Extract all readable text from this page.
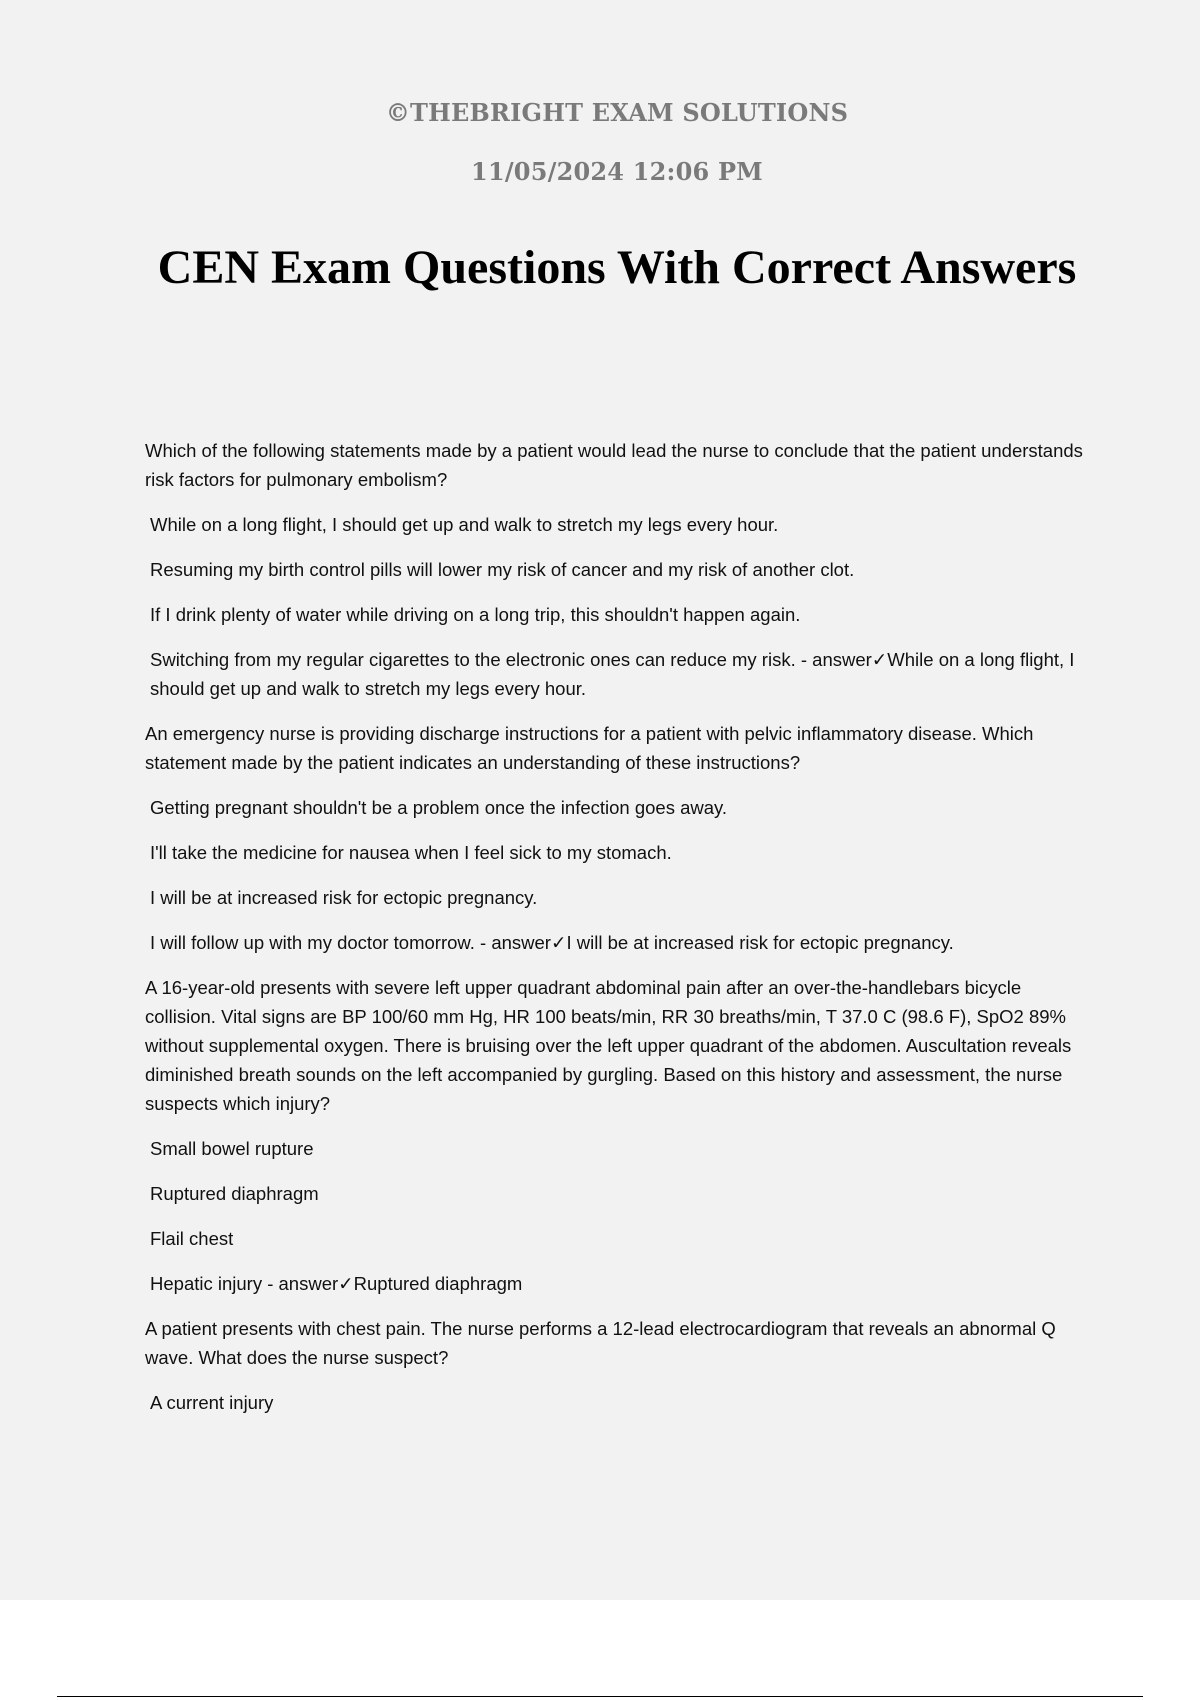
©THEBRIGHT EXAM SOLUTIONS
11/05/2024 12:06 PM
CEN Exam Questions With Correct Answers

Which of the following statements made by a patient would lead the nurse to conclude that the patient understands risk factors for pulmonary embolism?

While on a long flight, I should get up and walk to stretch my legs every hour.

Resuming my birth control pills will lower my risk of cancer and my risk of another clot.

If I drink plenty of water while driving on a long trip, this shouldn't happen again.

Switching from my regular cigarettes to the electronic ones can reduce my risk. - answer✓While on a long flight, I should get up and walk to stretch my legs every hour.

An emergency nurse is providing discharge instructions for a patient with pelvic inflammatory disease. Which statement made by the patient indicates an understanding of these instructions?

Getting pregnant shouldn't be a problem once the infection goes away.

I'll take the medicine for nausea when I feel sick to my stomach.

I will be at increased risk for ectopic pregnancy.

I will follow up with my doctor tomorrow. - answer✓I will be at increased risk for ectopic pregnancy.

A 16-year-old presents with severe left upper quadrant abdominal pain after an over-the-handlebars bicycle collision. Vital signs are BP 100/60 mm Hg, HR 100 beats/min, RR 30 breaths/min, T 37.0 C (98.6 F), SpO2 89% without supplemental oxygen. There is bruising over the left upper quadrant of the abdomen. Auscultation reveals diminished breath sounds on the left accompanied by gurgling. Based on this history and assessment, the nurse suspects which injury?

Small bowel rupture

Ruptured diaphragm

Flail chest

Hepatic injury - answer✓Ruptured diaphragm

A patient presents with chest pain. The nurse performs a 12-lead electrocardiogram that reveals an abnormal Q wave. What does the nurse suspect?

A current injury
